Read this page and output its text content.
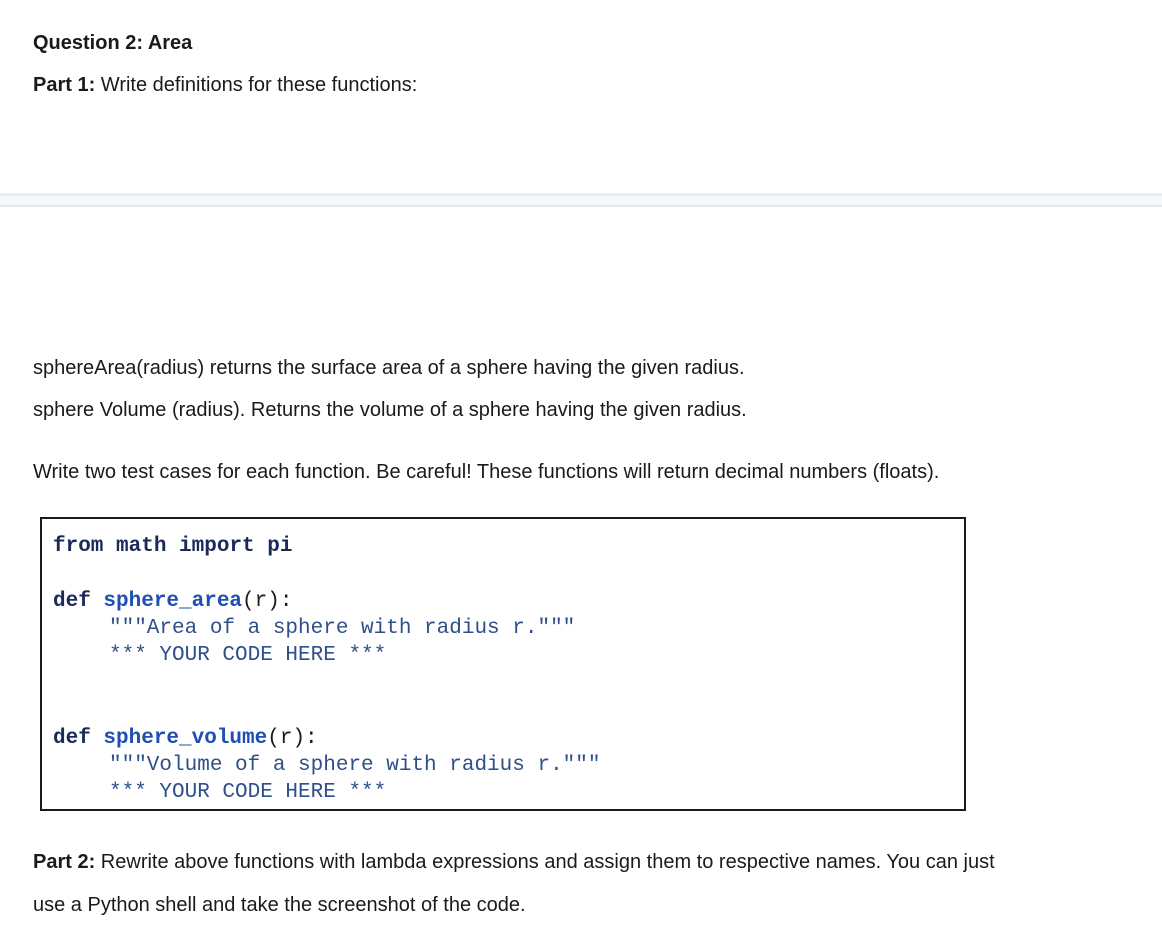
Question 2: Area
Part 1: Write definitions for these functions:
sphereArea(radius) returns the surface area of a sphere having the given radius.
sphere Volume (radius). Returns the volume of a sphere having the given radius.
Write two test cases for each function. Be careful! These functions will return decimal numbers (floats).
from math import pi
def sphere_area(r):
"""Area of a sphere with radius r."""
*** YOUR CODE HERE ***
def sphere_volume(r):
"""Volume of a sphere with radius r."""
*** YOUR CODE HERE ***
Part 2: Rewrite above functions with lambda expressions and assign them to respective names. You can just
use a Python shell and take the screenshot of the code.
